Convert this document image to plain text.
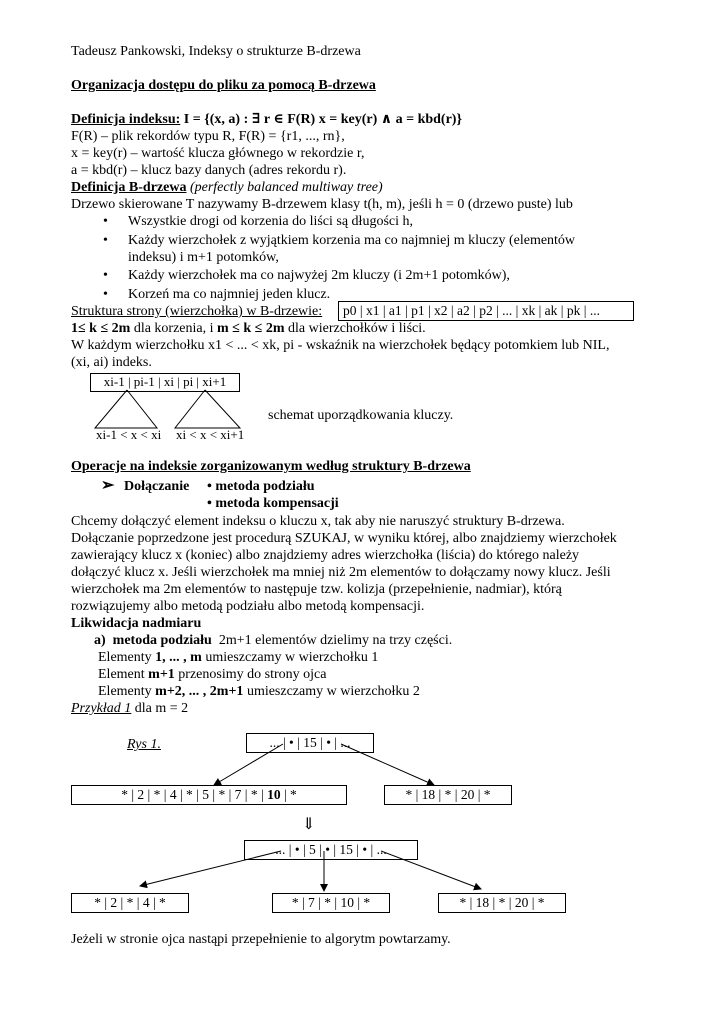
Tadeusz Pankowski, Indeksy o strukturze B-drzewa
Organizacja dostępu do pliku za pomocą B-drzewa
Definicja indeksu: I = {(x, a) : ∃ r ∈ F(R) x = key(r) ∧ a = kbd(r)}
F(R) – plik rekordów typu R, F(R) = {r1, ..., rn},
x = key(r) – wartość klucza głównego w rekordzie r,
a = kbd(r) – klucz bazy danych (adres rekordu r).
Definicja B-drzewa (perfectly balanced multiway tree)
Drzewo skierowane T nazywamy B-drzewem klasy t(h, m), jeśli h = 0 (drzewo puste) lub
• Wszystkie drogi od korzenia do liści są długości h,
• Każdy wierzchołek z wyjątkiem korzenia ma co najmniej m kluczy (elementów
indeksu) i m+1 potomków,
• Każdy wierzchołek ma co najwyżej 2m kluczy (i 2m+1 potomków),
• Korzeń ma co najmniej jeden klucz.
Struktura strony (wierzchołka) w B-drzewie:	p0 | x1 | a1 | p1 | x2 | a2 | p2 | ... | xk | ak | pk | ...
1≤ k ≤ 2m dla korzenia, i m ≤ k ≤ 2m dla wierzchołków i liści.
W każdym wierzchołku x1 < ... < xk, pi - wskaźnik na wierzchołek będący potomkiem lub NIL,
(xi, ai) indeks.
xi-1 | pi-1 | xi | pi | xi+1
xi-1 < x < xi xi < x < xi+1
schemat uporządkowania kluczy.
Operacje na indeksie zorganizowanym według struktury B-drzewa
➢ Dołączanie • metoda podziału
• metoda kompensacji
Chcemy dołączyć element indeksu o kluczu x, tak aby nie naruszyć struktury B-drzewa.
Dołączanie poprzedzone jest procedurą SZUKAJ, w wyniku której, albo znajdziemy wierzchołek
zawierający klucz x (koniec) albo znajdziemy adres wierzchołka (liścia) do którego należy
dołączyć klucz x. Jeśli wierzchołek ma mniej niż 2m elementów to dołączamy nowy klucz. Jeśli
wierzchołek ma 2m elementów to następuje tzw. kolizja (przepełnienie, nadmiar), którą
rozwiązujemy albo metodą podziału albo metodą kompensacji.
Likwidacja nadmiaru
a) metoda podziału 2m+1 elementów dzielimy na trzy części.
Elementy 1, ... , m umieszczamy w wierzchołku 1
Element m+1 przenosimy do strony ojca
Elementy m+2, ... , 2m+1 umieszczamy w wierzchołku 2
Przykład 1 dla m = 2
Rys 1.	... | • | 15 | • | ...
* | 2 | * | 4 | * | 5 | * | 7 | * | 10 | *	* | 18 | * | 20 | *
⇓
... | • | 5 | • | 15 | • | ...
* | 2 | * | 4 | *	* | 7 | * | 10 | *	* | 18 | * | 20 | *
Jeżeli w stronie ojca nastąpi przepełnienie to algorytm powtarzamy.
